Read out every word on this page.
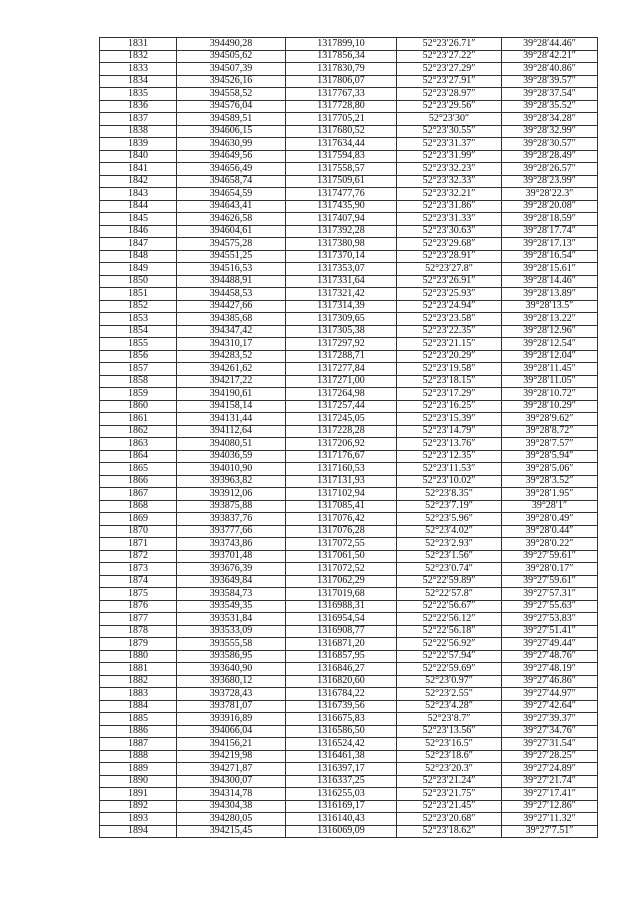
1831	394490,28	1317899,10	52°23′26.71″	39°28′44.46″
1832	394505,62	1317856,34	52°23′27.22″	39°28′42.21″
1833	394507,39	1317830,79	52°23′27.29″	39°28′40.86″
1834	394526,16	1317806,07	52°23′27.91″	39°28′39.57″
1835	394558,52	1317767,33	52°23′28.97″	39°28′37.54″
1836	394576,04	1317728,80	52°23′29.56″	39°28′35.52″
1837	394589,51	1317705,21	52°23′30″	39°28′34.28″
1838	394606,15	1317680,52	52°23′30.55″	39°28′32.99″
1839	394630,99	1317634,44	52°23′31.37″	39°28′30.57″
1840	394649,56	1317594,83	52°23′31.99″	39°28′28.49″
1841	394656,49	1317558,57	52°23′32.23″	39°28′26.57″
1842	394658,74	1317509,61	52°23′32.33″	39°28′23.99″
1843	394654,59	1317477,76	52°23′32.21″	39°28′22.3″
1844	394643,41	1317435,90	52°23′31.86″	39°28′20.08″
1845	394626,58	1317407,94	52°23′31.33″	39°28′18.59″
1846	394604,61	1317392,28	52°23′30.63″	39°28′17.74″
1847	394575,28	1317380,98	52°23′29.68″	39°28′17.13″
1848	394551,25	1317370,14	52°23′28.91″	39°28′16.54″
1849	394516,53	1317353,07	52°23′27.8″	39°28′15.61″
1850	394488,91	1317331,64	52°23′26.91″	39°28′14.46″
1851	394458,53	1317321,42	52°23′25.93″	39°28′13.89″
1852	394427,66	1317314,39	52°23′24.94″	39°28′13.5″
1853	394385,68	1317309,65	52°23′23.58″	39°28′13.22″
1854	394347,42	1317305,38	52°23′22.35″	39°28′12.96″
1855	394310,17	1317297,92	52°23′21.15″	39°28′12.54″
1856	394283,52	1317288,71	52°23′20.29″	39°28′12.04″
1857	394261,62	1317277,84	52°23′19.58″	39°28′11.45″
1858	394217,22	1317271,00	52°23′18.15″	39°28′11.05″
1859	394190,61	1317264,98	52°23′17.29″	39°28′10.72″
1860	394158,14	1317257,44	52°23′16.25″	39°28′10.29″
1861	394131,44	1317245,05	52°23′15.39″	39°28′9.62″
1862	394112,64	1317228,28	52°23′14.79″	39°28′8.72″
1863	394080,51	1317206,92	52°23′13.76″	39°28′7.57″
1864	394036,59	1317176,67	52°23′12.35″	39°28′5.94″
1865	394010,90	1317160,53	52°23′11.53″	39°28′5.06″
1866	393963,82	1317131,93	52°23′10.02″	39°28′3.52″
1867	393912,06	1317102,94	52°23′8.35″	39°28′1.95″
1868	393875,88	1317085,41	52°23′7.19″	39°28′1″
1869	393837,76	1317076,42	52°23′5.96″	39°28′0.49″
1870	393777,66	1317076,28	52°23′4.02″	39°28′0.44″
1871	393743,86	1317072,55	52°23′2.93″	39°28′0.22″
1872	393701,48	1317061,50	52°23′1.56″	39°27′59.61″
1873	393676,39	1317072,52	52°23′0.74″	39°28′0.17″
1874	393649,84	1317062,29	52°22′59.89″	39°27′59.61″
1875	393584,73	1317019,68	52°22′57.8″	39°27′57.31″
1876	393549,35	1316988,31	52°22′56.67″	39°27′55.63″
1877	393531,84	1316954,54	52°22′56.12″	39°27′53.83″
1878	393533,09	1316908,77	52°22′56.18″	39°27′51.41″
1879	393555,58	1316871,20	52°22′56.92″	39°27′49.44″
1880	393586,95	1316857,95	52°22′57.94″	39°27′48.76″
1881	393640,90	1316846,27	52°22′59.69″	39°27′48.19″
1882	393680,12	1316820,60	52°23′0.97″	39°27′46.86″
1883	393728,43	1316784,22	52°23′2.55″	39°27′44.97″
1884	393781,07	1316739,56	52°23′4.28″	39°27′42.64″
1885	393916,89	1316675,83	52°23′8.7″	39°27′39.37″
1886	394066,04	1316586,50	52°23′13.56″	39°27′34.76″
1887	394156,21	1316524,42	52°23′16.5″	39°27′31.54″
1888	394219,98	1316461,38	52°23′18.6″	39°27′28.25″
1889	394271,87	1316397,17	52°23′20.3″	39°27′24.89″
1890	394300,07	1316337,25	52°23′21.24″	39°27′21.74″
1891	394314,78	1316255,03	52°23′21.75″	39°27′17.41″
1892	394304,38	1316169,17	52°23′21.45″	39°27′12.86″
1893	394280,05	1316140,43	52°23′20.68″	39°27′11.32″
1894	394215,45	1316069,09	52°23′18.62″	39°27′7.51″
